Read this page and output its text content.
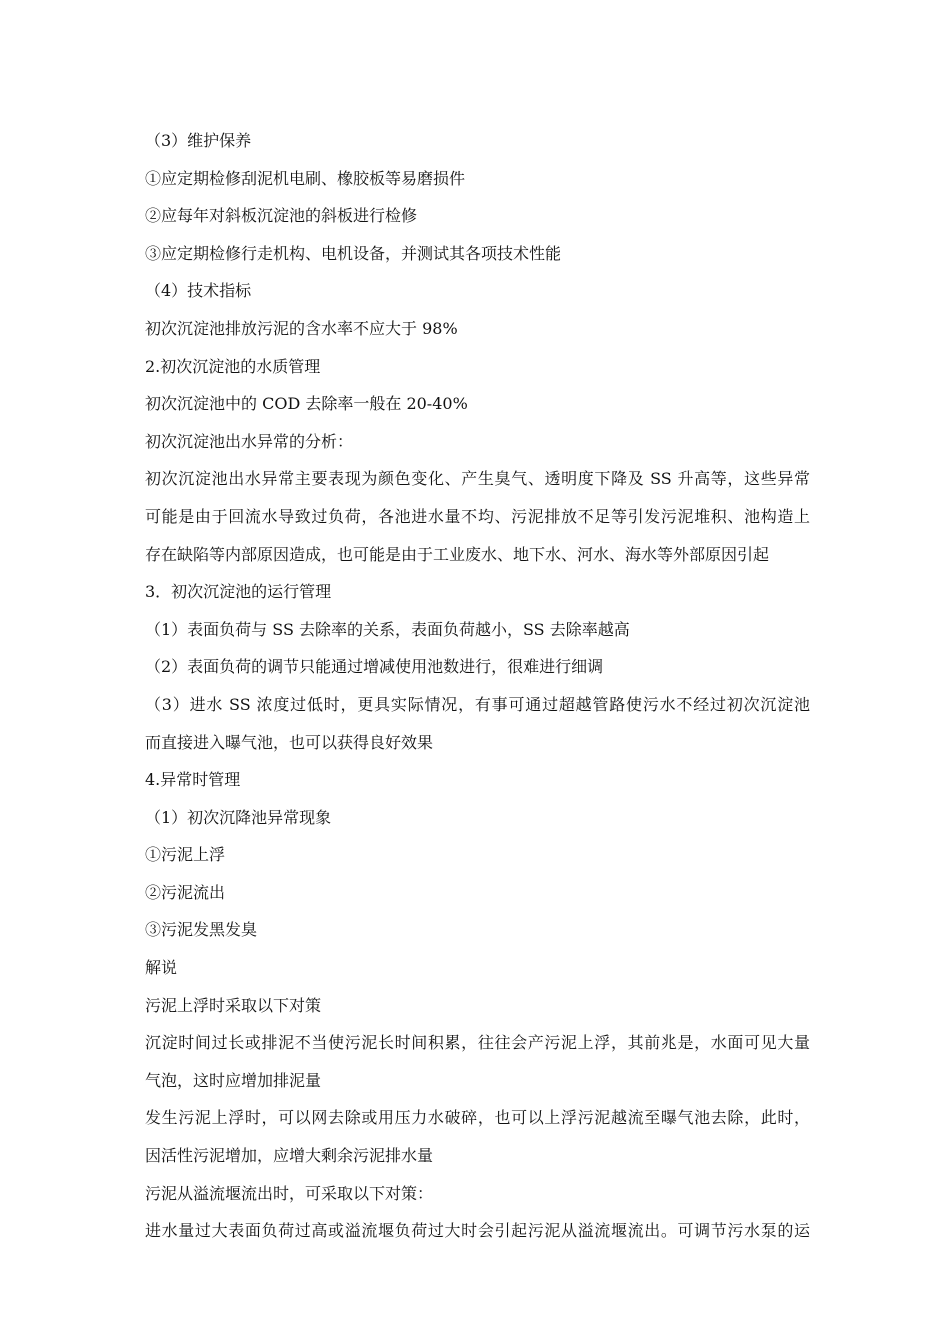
（3）维护保养
①应定期检修刮泥机电刷、橡胶板等易磨损件
②应每年对斜板沉淀池的斜板进行检修
③应定期检修行走机构、电机设备，并测试其各项技术性能
（4）技术指标
初次沉淀池排放污泥的含水率不应大于 98%
2.初次沉淀池的水质管理
初次沉淀池中的 COD 去除率一般在 20-40%
初次沉淀池出水异常的分析：
初次沉淀池出水异常主要表现为颜色变化、产生臭气、透明度下降及 SS 升高等，这些异常
可能是由于回流水导致过负荷，各池进水量不均、污泥排放不足等引发污泥堆积、池构造上
存在缺陷等内部原因造成，也可能是由于工业废水、地下水、河水、海水等外部原因引起
3．初次沉淀池的运行管理
（1）表面负荷与 SS 去除率的关系，表面负荷越小，SS 去除率越高
（2）表面负荷的调节只能通过增减使用池数进行，很难进行细调
（3）进水 SS 浓度过低时，更具实际情况，有事可通过超越管路使污水不经过初次沉淀池
而直接进入曝气池，也可以获得良好效果
4.异常时管理
（1）初次沉降池异常现象
①污泥上浮
②污泥流出
③污泥发黑发臭
解说
污泥上浮时采取以下对策
沉淀时间过长或排泥不当使污泥长时间积累，往往会产污泥上浮，其前兆是，水面可见大量
气泡，这时应增加排泥量
发生污泥上浮时，可以网去除或用压力水破碎，也可以上浮污泥越流至曝气池去除，此时，
因活性污泥增加，应增大剩余污泥排水量
污泥从溢流堰流出时，可采取以下对策：
进水量过大表面负荷过高或溢流堰负荷过大时会引起污泥从溢流堰流出。可调节污水泵的运
